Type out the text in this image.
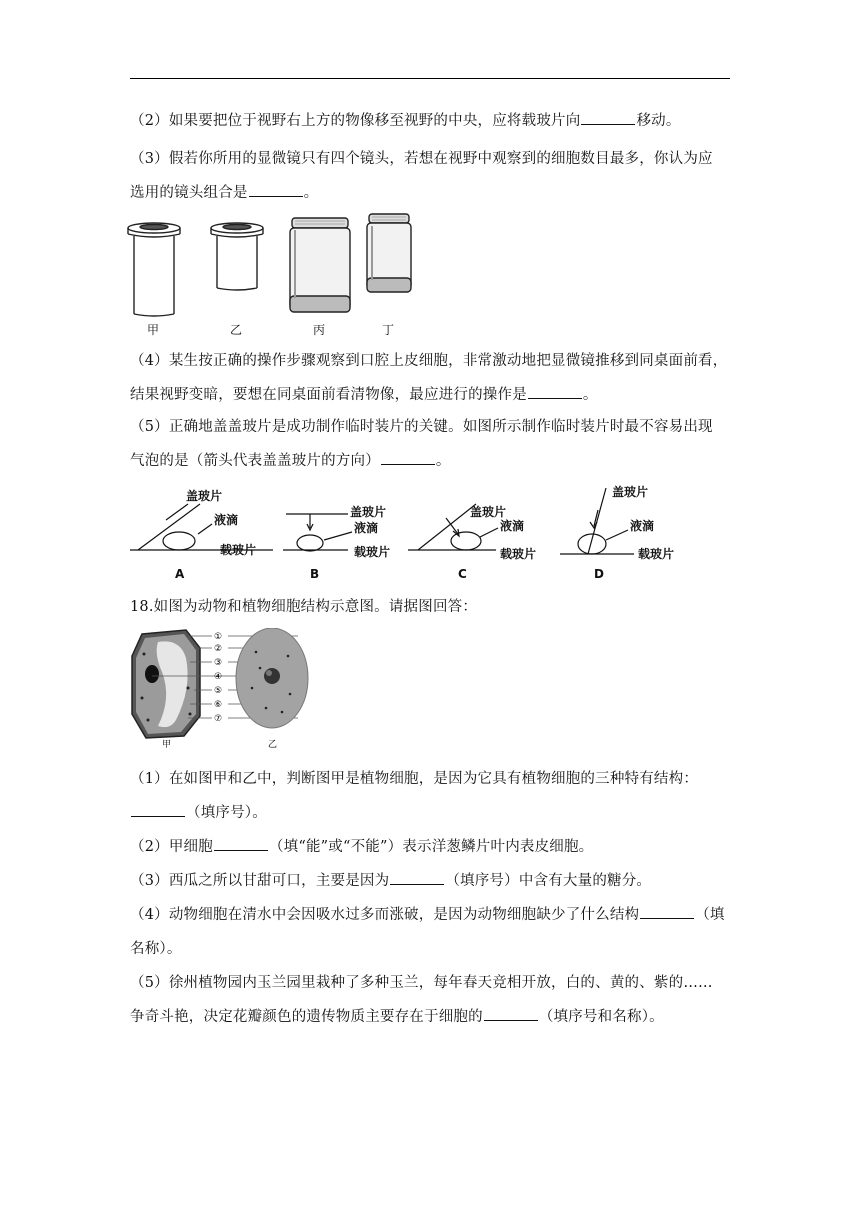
（2）如果要把位于视野右上方的物像移至视野的中央，应将载玻片向	移动。
（3）假若你所用的显微镜只有四个镜头，若想在视野中观察到的细胞数目最多，你认为应
选用的镜头组合是	。
甲	乙	丙	丁
（4）某生按正确的操作步骤观察到口腔上皮细胞，非常激动地把显微镜推移到同桌面前看，
结果视野变暗，要想在同桌面前看清物像，最应进行的操作是	。
（5）正确地盖盖玻片是成功制作临时装片的关键。如图所示制作临时装片时最不容易出现
气泡的是（箭头代表盖盖玻片的方向）	。
盖玻片
液滴
载玻片
A
盖玻片
液滴
载玻片
B
盖玻片
液滴
载玻片
C
盖玻片
液滴
载玻片
D
18.如图为动物和植物细胞结构示意图。请据图回答：
①
②
③
④
⑤
⑥
⑦
甲	乙
（1）在如图甲和乙中，判断图甲是植物细胞，是因为它具有植物细胞的三种特有结构：
（填序号）。
（2）甲细胞	（填“能”或“不能”）表示洋葱鳞片叶内表皮细胞。
（3）西瓜之所以甘甜可口，主要是因为	（填序号）中含有大量的糖分。
（4）动物细胞在清水中会因吸水过多而涨破，是因为动物细胞缺少了什么结构	（填
名称）。
（5）徐州植物园内玉兰园里栽种了多种玉兰，每年春天竞相开放，白的、黄的、紫的……
争奇斗艳，决定花瓣颜色的遗传物质主要存在于细胞的	（填序号和名称）。
